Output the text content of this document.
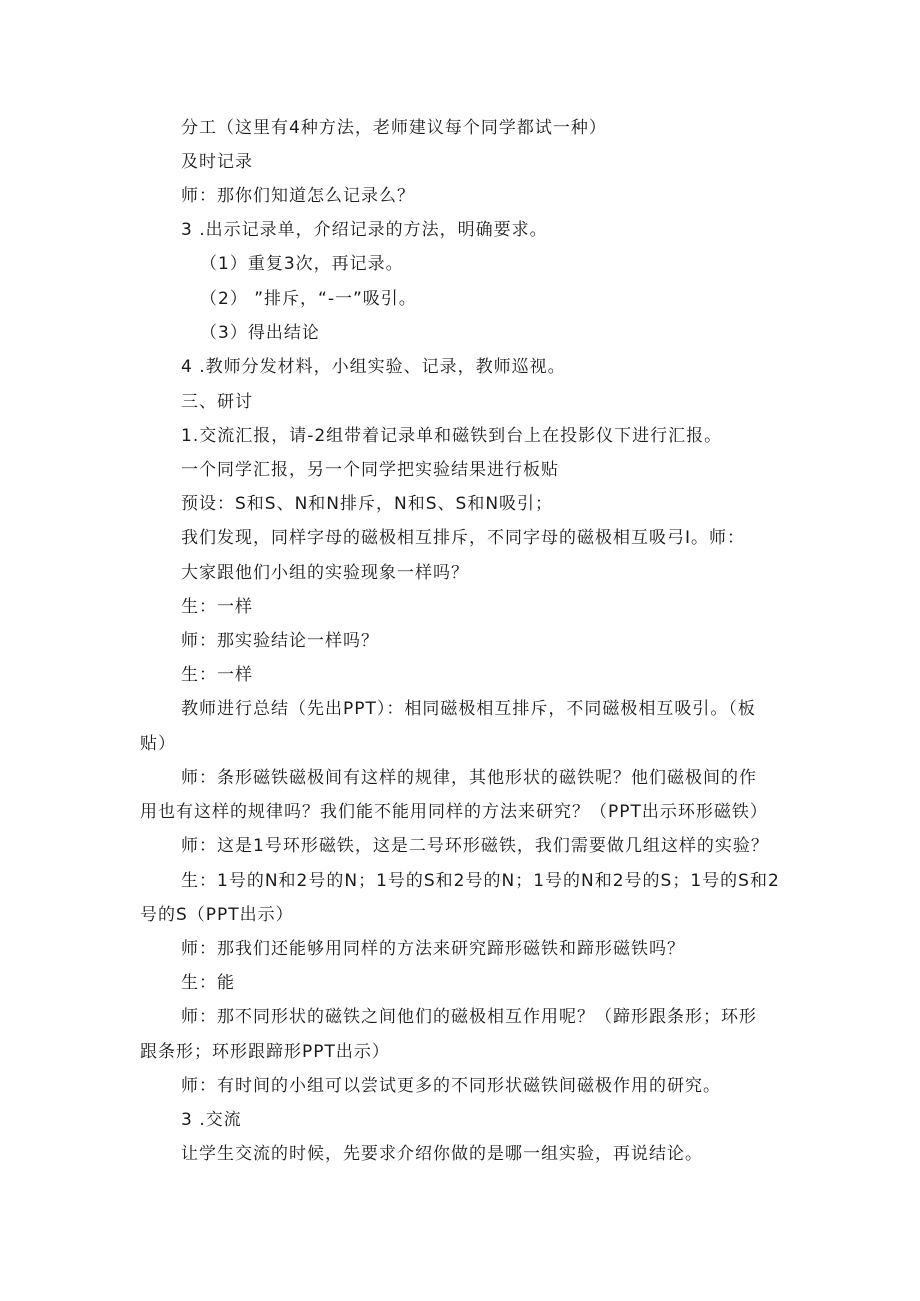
分工（这里有4种方法，老师建议每个同学都试一种）
及时记录
师：那你们知道怎么记录么？
3 .出示记录单，介绍记录的方法，明确要求。
（1）重复3次，再记录。
（2） ”排斥，“-一”吸引。
（3）得出结论
4 .教师分发材料，小组实验、记录，教师巡视。
三、研讨
1.交流汇报，请-2组带着记录单和磁铁到台上在投影仪下进行汇报。
一个同学汇报，另一个同学把实验结果进行板贴
预设：S和S、N和N排斥，N和S、S和N吸引；
我们发现，同样字母的磁极相互排斥，不同字母的磁极相互吸弓I。师：
大家跟他们小组的实验现象一样吗？
生：一样
师：那实验结论一样吗？
生：一样
教师进行总结（先出PPT）：相同磁极相互排斥，不同磁极相互吸引。（板
贴）
师：条形磁铁磁极间有这样的规律，其他形状的磁铁呢？他们磁极间的作
用也有这样的规律吗？我们能不能用同样的方法来研究？（PPT出示环形磁铁）
师：这是1号环形磁铁，这是二号环形磁铁，我们需要做几组这样的实验？
生：1号的N和2号的N；1号的S和2号的N；1号的N和2号的S；1号的S和2
号的S（PPT出示）
师：那我们还能够用同样的方法来研究蹄形磁铁和蹄形磁铁吗？
生：能
师：那不同形状的磁铁之间他们的磁极相互作用呢？（蹄形跟条形；环形
跟条形；环形跟蹄形PPT出示）
师：有时间的小组可以尝试更多的不同形状磁铁间磁极作用的研究。
3 .交流
让学生交流的时候，先要求介绍你做的是哪一组实验，再说结论。
